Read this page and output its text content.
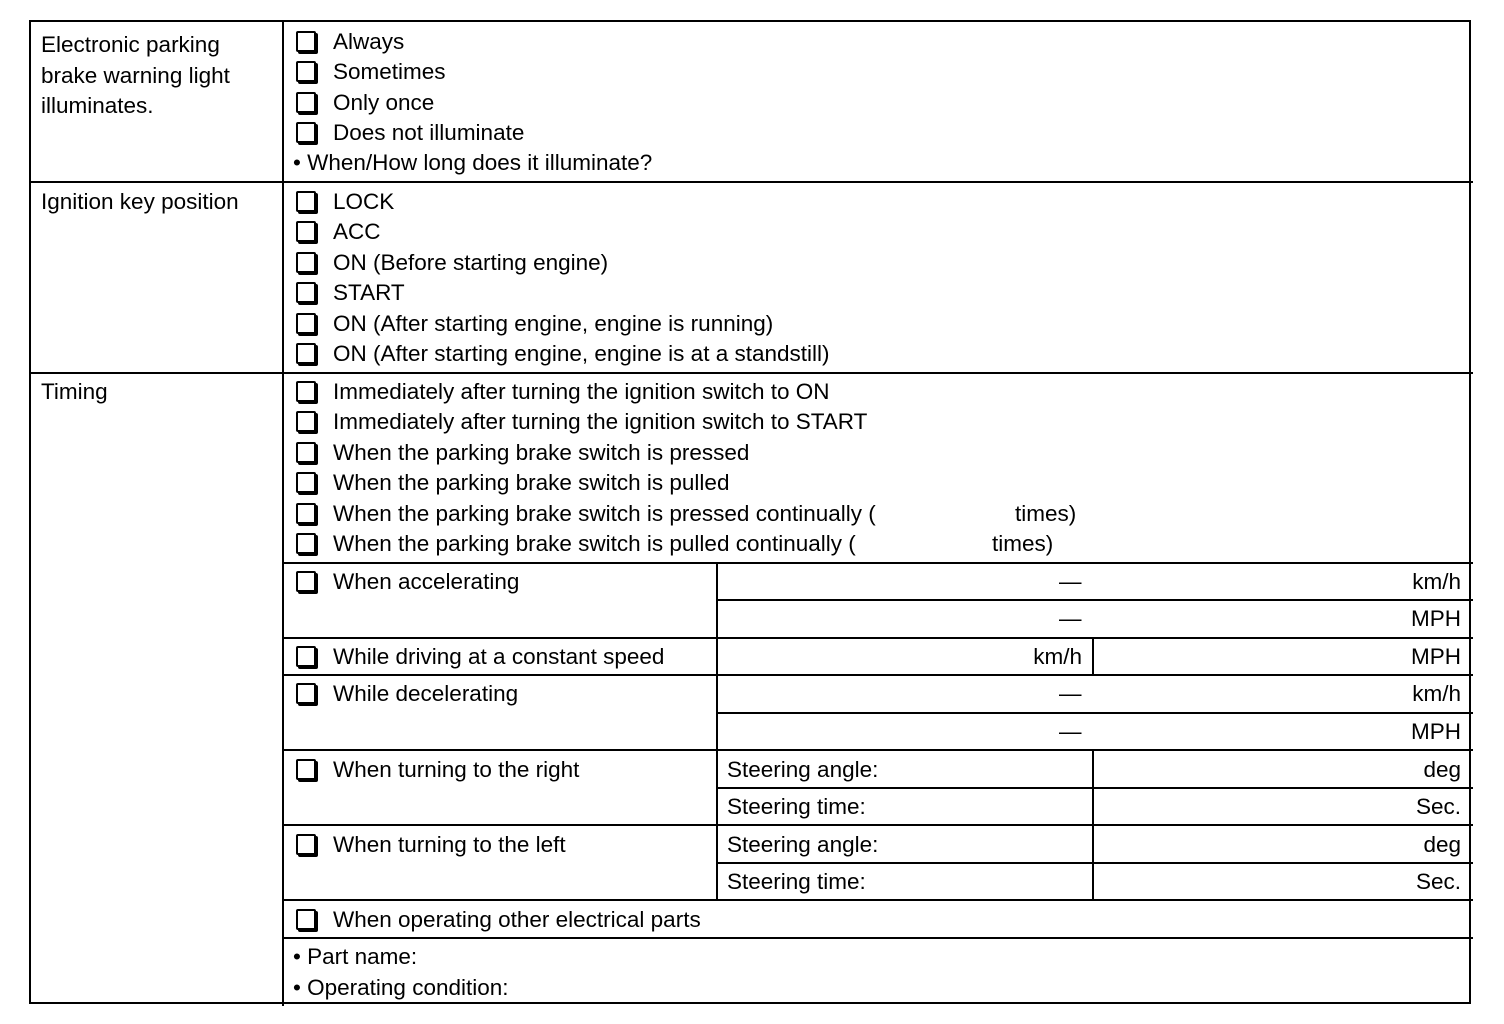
Electronic parking
brake warning light
illuminates.
Always
Sometimes
Only once
Does not illuminate
• When/How long does it illuminate?
Ignition key position	LOCK
ACC
ON (Before starting engine)
START
ON (After starting engine, engine is running)
ON (After starting engine, engine is at a standstill)
Timing	Immediately after turning the ignition switch to ON
Immediately after turning the ignition switch to START
When the parking brake switch is pressed
When the parking brake switch is pulled
When the parking brake switch is pressed continually (	times)
When the parking brake switch is pulled continually (	times)
When accelerating	—	km/h
—	MPH
While driving at a constant speed	km/h	MPH
While decelerating	—	km/h
—	MPH
When turning to the right	Steering angle:	deg
Steering time:	Sec.
When turning to the left	Steering angle:	deg
Steering time:	Sec.
When operating other electrical parts
• Part name:
• Operating condition:
